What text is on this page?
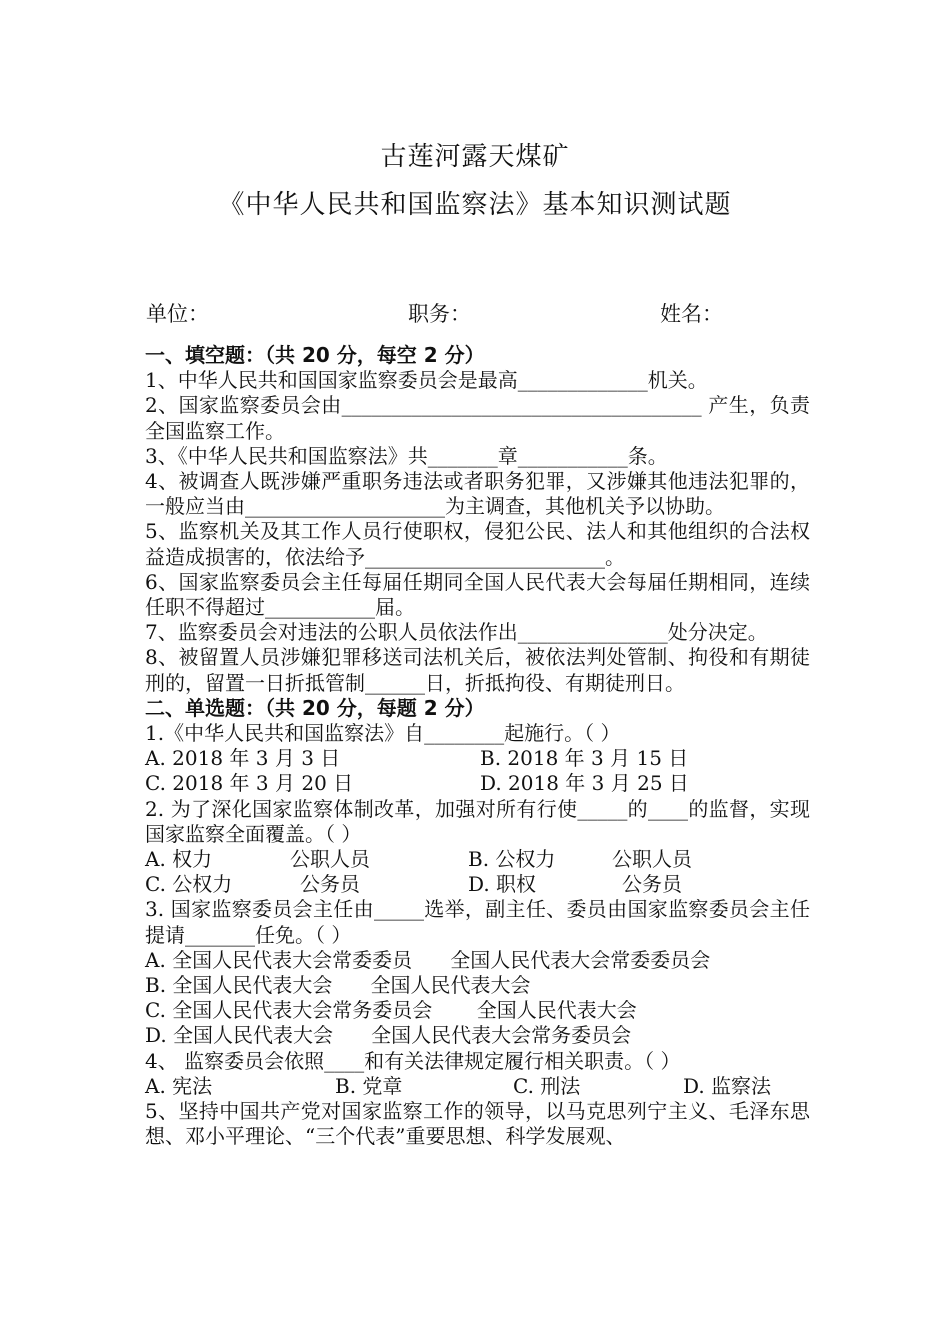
古莲河露天煤矿
《中华人民共和国监察法》基本知识测试题
单位：	职务：	姓名：

一、填空题：（共 20 分，每空 2 分）

1、中华人民共和国国家监察委员会是最高_____________机关。

2、国家监察委员会由____________________________________ 产生，负责全国监察工作。

3、《中华人民共和国监察法》共_______章___________条。

4、被调查人既涉嫌严重职务违法或者职务犯罪，又涉嫌其他违法犯罪的，一般应当由____________________为主调查，其他机关予以协助。

5、监察机关及其工作人员行使职权，侵犯公民、法人和其他组织的合法权益造成损害的，依法给予________________________。

6、国家监察委员会主任每届任期同全国人民代表大会每届任期相同，连续任职不得超过___________届。

7、监察委员会对违法的公职人员依法作出_______________处分决定。

8、被留置人员涉嫌犯罪移送司法机关后，被依法判处管制、拘役和有期徒刑的，留置一日折抵管制______日，折抵拘役、有期徒刑日。

二、单选题：（共 20 分，每题 2 分）

1.《中华人民共和国监察法》自________起施行。（ ）

A. 2018 年 3 月 3 日	B. 2018 年 3 月 15 日
C. 2018 年 3 月 20 日	D. 2018 年 3 月 25 日

2. 为了深化国家监察体制改革，加强对所有行使_____的____的监督，实现国家监察全面覆盖。（ ）

A. 权力	公职人员	B. 公权力	公职人员
C. 公权力	公务员	D. 职权	公务员

3. 国家监察委员会主任由_____选举，副主任、委员由国家监察委员会主任提请_______任免。（ ）

A. 全国人民代表大会常委委员      全国人民代表大会常委委员会

B. 全国人民代表大会      全国人民代表大会

C. 全国人民代表大会常务委员会       全国人民代表大会

D. 全国人民代表大会      全国人民代表大会常务委员会

4、 监察委员会依照____和有关法律规定履行相关职责。（ ）

A. 宪法	B. 党章	C. 刑法	D. 监察法

5、坚持中国共产党对国家监察工作的领导，以马克思列宁主义、毛泽东思想、邓小平理论、“三个代表”重要思想、科学发展观、
